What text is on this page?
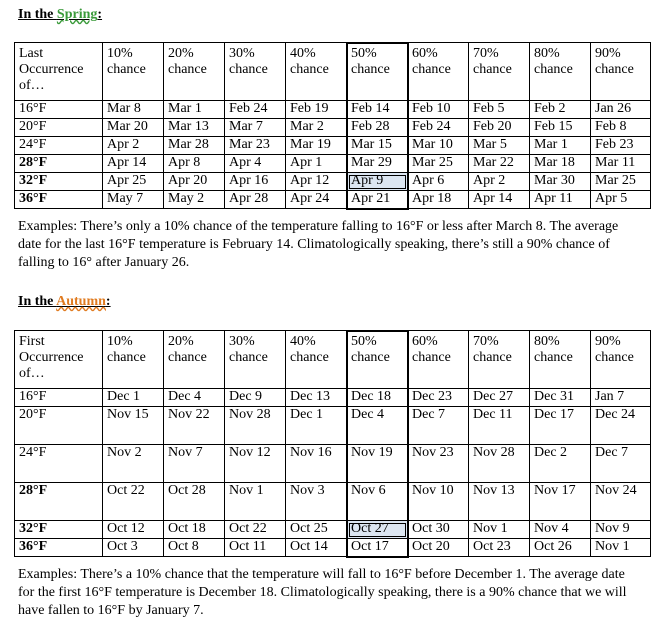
In the Spring:
Last Occurrence of…	10% chance	20% chance	30% chance	40% chance	50% chance	60% chance	70% chance	80% chance	90% chance
16°F	Mar 8	Mar 1	Feb 24	Feb 19	Feb 14	Feb 10	Feb 5	Feb 2	Jan 26
20°F	Mar 20	Mar 13	Mar 7	Mar 2	Feb 28	Feb 24	Feb 20	Feb 15	Feb 8
24°F	Apr 2	Mar 28	Mar 23	Mar 19	Mar 15	Mar 10	Mar 5	Mar 1	Feb 23
28°F	Apr 14	Apr 8	Apr 4	Apr 1	Mar 29	Mar 25	Mar 22	Mar 18	Mar 11
32°F	Apr 25	Apr 20	Apr 16	Apr 12	Apr 9	Apr 6	Apr 2	Mar 30	Mar 25
36°F	May 7	May 2	Apr 28	Apr 24	Apr 21	Apr 18	Apr 14	Apr 11	Apr 5
Examples: There’s only a 10% chance of the temperature falling to 16°F or less after March 8. The average date for the last 16°F temperature is February 14. Climatologically speaking, there’s still a 90% chance of falling to 16° after January 26.
In the Autumn:
First Occurrence of…	10% chance	20% chance	30% chance	40% chance	50% chance	60% chance	70% chance	80% chance	90% chance
16°F	Dec 1	Dec 4	Dec 9	Dec 13	Dec 18	Dec 23	Dec 27	Dec 31	Jan 7
20°F	Nov 15	Nov 22	Nov 28	Dec 1	Dec 4	Dec 7	Dec 11	Dec 17	Dec 24
24°F	Nov 2	Nov 7	Nov 12	Nov 16	Nov 19	Nov 23	Nov 28	Dec 2	Dec 7
28°F	Oct 22	Oct 28	Nov 1	Nov 3	Nov 6	Nov 10	Nov 13	Nov 17	Nov 24
32°F	Oct 12	Oct 18	Oct 22	Oct 25	Oct 27	Oct 30	Nov 1	Nov 4	Nov 9
36°F	Oct 3	Oct 8	Oct 11	Oct 14	Oct 17	Oct 20	Oct 23	Oct 26	Nov 1
Examples: There’s a 10% chance that the temperature will fall to 16°F before December 1. The average date for the first 16°F temperature is December 18. Climatologically speaking, there is a 90% chance that we will have fallen to 16°F by January 7.
